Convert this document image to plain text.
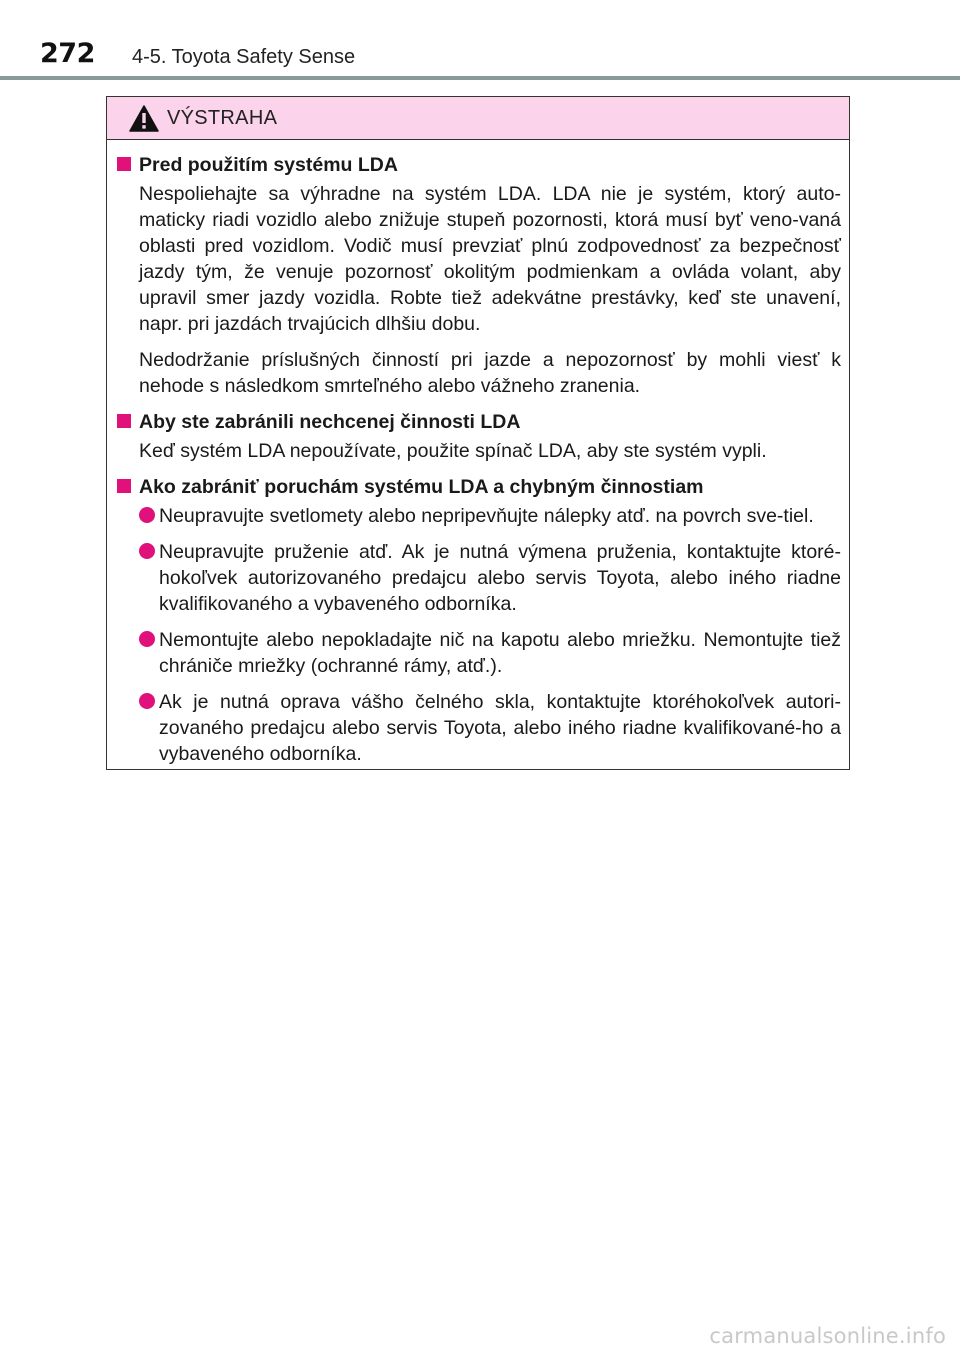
272 4-5. Toyota Safety Sense
VÝSTRAHA
Pred použitím systému LDA
Nespoliehajte sa výhradne na systém LDA. LDA nie je systém, ktorý auto-maticky riadi vozidlo alebo znižuje stupeň pozornosti, ktorá musí byť veno-vaná oblasti pred vozidlom. Vodič musí prevziať plnú zodpovednosť za bezpečnosť jazdy tým, že venuje pozornosť okolitým podmienkam a ovláda volant, aby upravil smer jazdy vozidla. Robte tiež adekvátne prestávky, keď ste unavení, napr. pri jazdách trvajúcich dlhšiu dobu.
Nedodržanie príslušných činností pri jazde a nepozornosť by mohli viesť k nehode s následkom smrteľného alebo vážneho zranenia.
Aby ste zabránili nechcenej činnosti LDA
Keď systém LDA nepoužívate, použite spínač LDA, aby ste systém vypli.
Ako zabrániť poruchám systému LDA a chybným činnostiam
Neupravujte svetlomety alebo nepripevňujte nálepky atď. na povrch sve-tiel.
Neupravujte pruženie atď. Ak je nutná výmena pruženia, kontaktujte ktoré-hokoľvek autorizovaného predajcu alebo servis Toyota, alebo iného riadne kvalifikovaného a vybaveného odborníka.
Nemontujte alebo nepokladajte nič na kapotu alebo mriežku. Nemontujte tiež chrániče mriežky (ochranné rámy, atď.).
Ak je nutná oprava vášho čelného skla, kontaktujte ktoréhokoľvek autori-zovaného predajcu alebo servis Toyota, alebo iného riadne kvalifikované-ho a vybaveného odborníka.
carmanualsonline.info
